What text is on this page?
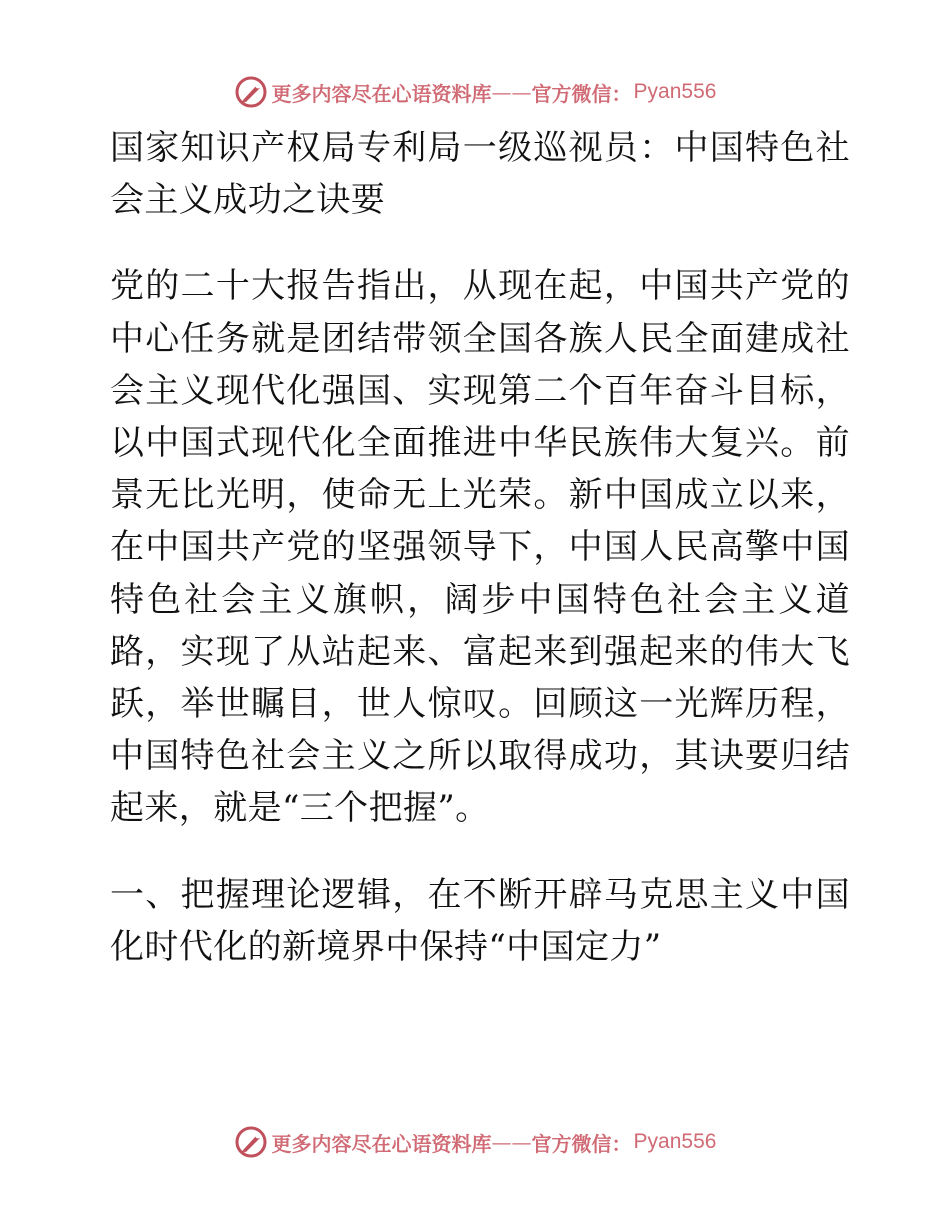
更多内容尽在心语资料库 —— 官方微信： Pyan556

国家知识产权局专利局一级巡视员：中国特色社会主义成功之诀要

党的二十大报告指出，从现在起，中国共产党的中心任务就是团结带领全国各族人民全面建成社会主义现代化强国、实现第二个百年奋斗目标，以中国式现代化全面推进中华民族伟大复兴。前景无比光明，使命无上光荣。新中国成立以来，在中国共产党的坚强领导下，中国人民高擎中国特色社会主义旗帜，阔步中国特色社会主义道路，实现了从站起来、富起来到强起来的伟大飞跃，举世瞩目，世人惊叹。回顾这一光辉历程，中国特色社会主义之所以取得成功，其诀要归结起来，就是“三个把握”。

一、把握理论逻辑，在不断开辟马克思主义中国化时代化的新境界中保持“中国定力”

更多内容尽在心语资料库 —— 官方微信： Pyan556
